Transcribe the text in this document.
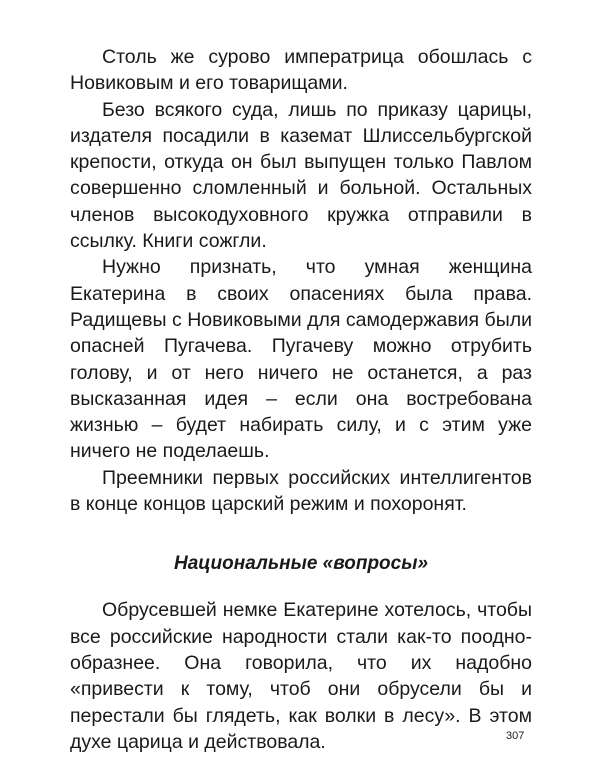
Столь же сурово императрица обошлась с Новиковым и его товарищами.

Безо всякого суда, лишь по приказу царицы, издателя посадили в каземат Шлиссельбургской крепости, откуда он был выпущен только Павлом совершенно сломленный и больной. Остальных членов высокодуховного кружка отправили в ссылку. Книги сожгли.

Нужно признать, что умная женщина Екатерина в своих опасениях была права. Радищевы с Новиковыми для самодержавия были опасней Пугачева. Пугачеву можно отрубить голову, и от него ничего не останется, а раз высказанная идея – если она востребована жизнью – будет набирать силу, и с этим уже ничего не поделаешь.

Преемники первых российских интеллигентов в конце концов царский режим и похоронят.

Национальные «вопросы»

Обрусевшей немке Екатерине хотелось, чтобы все российские народности стали как-то пооднообразнее. Она говорила, что их надобно «привести к тому, чтоб они обрусели бы и перестали бы глядеть, как волки в лесу». В этом духе царица и действовала.	307
